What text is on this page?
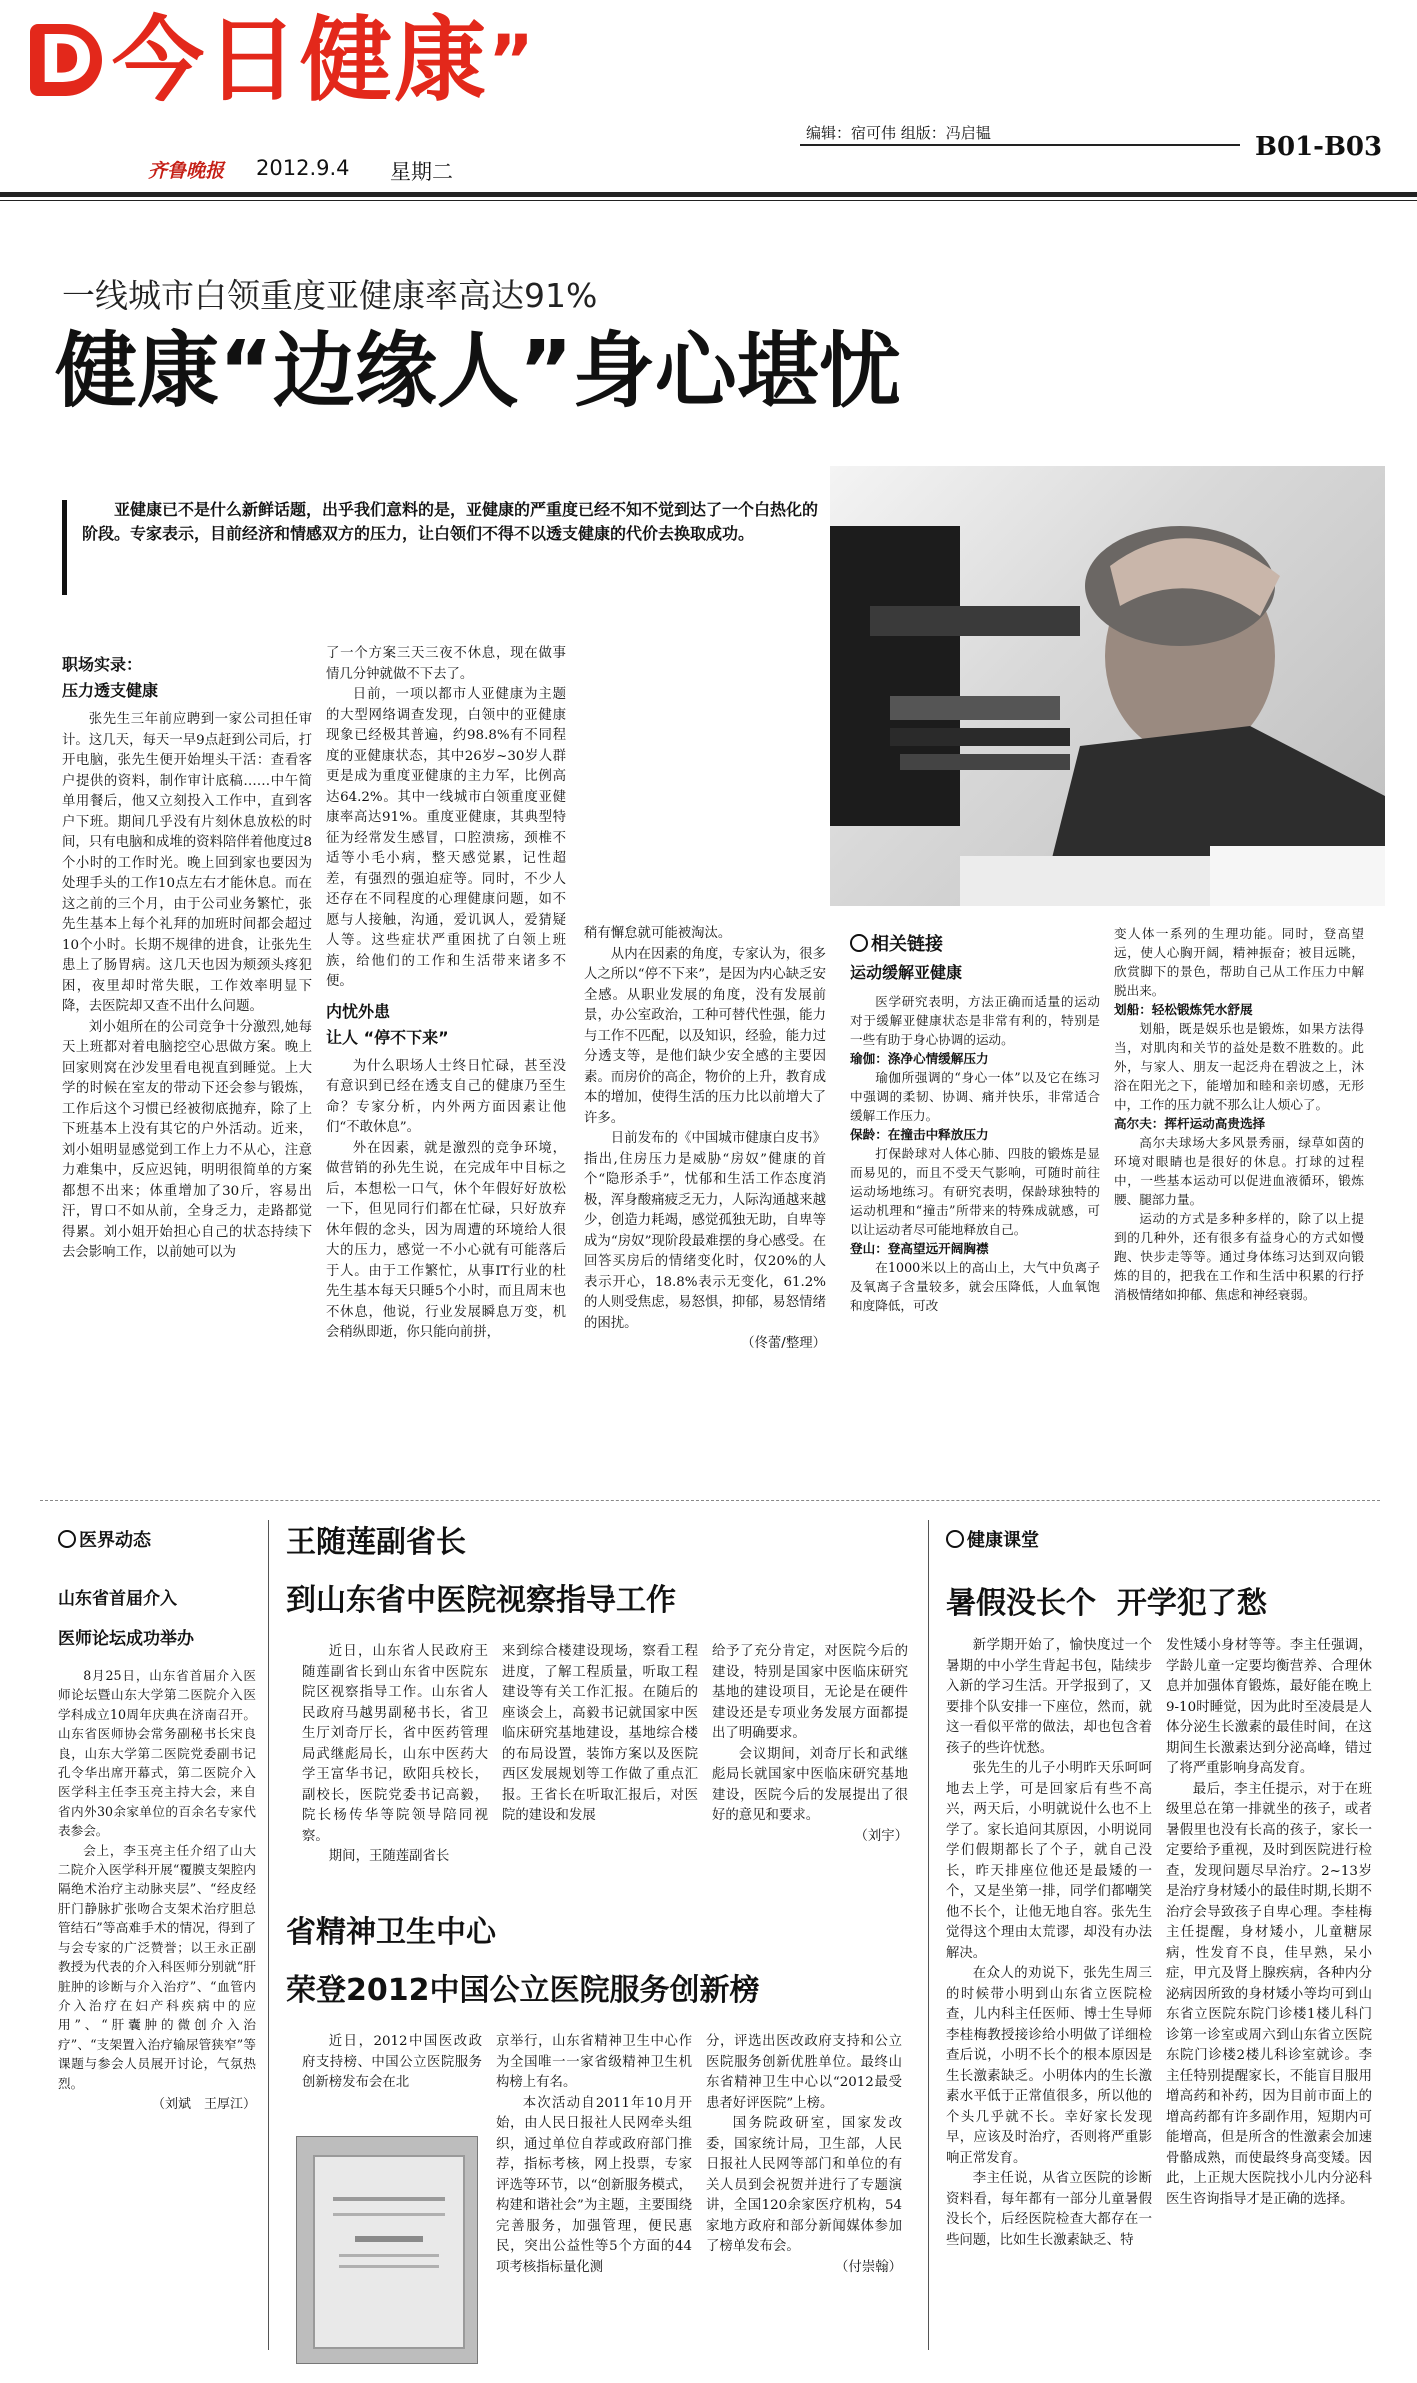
D 今日健康”
编辑：宿可伟 组版：冯启韫
齐鲁晚报 2012.9.4 星期二
B01-B03
一线城市白领重度亚健康率高达91%
健康“边缘人”身心堪忧
亚健康已不是什么新鲜话题，出乎我们意料的是，亚健康的严重度已经不知不觉到达了一个白热化的阶段。专家表示，目前经济和情感双方的压力，让白领们不得不以透支健康的代价去换取成功。
职场实录：
压力透支健康

张先生三年前应聘到一家公司担任审计。这几天，每天一早9点赶到公司后，打开电脑，张先生便开始埋头干活：查看客户提供的资料，制作审计底稿……中午简单用餐后，他又立刻投入工作中，直到客户下班。期间几乎没有片刻休息放松的时间，只有电脑和成堆的资料陪伴着他度过8个小时的工作时光。晚上回到家也要因为处理手头的工作10点左右才能休息。而在这之前的三个月，由于公司业务繁忙，张先生基本上每个礼拜的加班时间都会超过10个小时。长期不规律的进食，让张先生患上了肠胃病。这几天也因为颊颈头疼犯困，夜里却时常失眠，工作效率明显下降，去医院却又查不出什么问题。

刘小姐所在的公司竞争十分激烈,她每天上班都对着电脑挖空心思做方案。晚上回家则窝在沙发里看电视直到睡觉。上大学的时候在室友的带动下还会参与锻炼，工作后这个习惯已经被彻底抛弃，除了上下班基本上没有其它的户外活动。近来，刘小姐明显感觉到工作上力不从心，注意力难集中，反应迟钝，明明很简单的方案都想不出来；体重增加了30斤，容易出汗，胃口不如从前，全身乏力，走路都觉得累。刘小姐开始担心自己的状态持续下去会影响工作，以前她可以为

了一个方案三天三夜不休息，现在做事情几分钟就做不下去了。

日前，一项以都市人亚健康为主题的大型网络调查发现，白领中的亚健康现象已经极其普遍，约98.8%有不同程度的亚健康状态，其中26岁~30岁人群更是成为重度亚健康的主力军，比例高达64.2%。其中一线城市白领重度亚健康率高达91%。重度亚健康，其典型特征为经常发生感冒，口腔溃疡，颈椎不适等小毛小病，整天感觉累，记性超差，有强烈的强迫症等。同时，不少人还存在不同程度的心理健康问题，如不愿与人接触，沟通，爱讥讽人，爱猜疑人等。这些症状严重困扰了白领上班族，给他们的工作和生活带来诸多不便。

内忧外患
让人 “停不下来”

为什么职场人士终日忙碌，甚至没有意识到已经在透支自己的健康乃至生命？专家分析，内外两方面因素让他们“不敢休息”。

外在因素，就是激烈的竞争环境，做营销的孙先生说，在完成年中目标之后，本想松一口气，休个年假好好放松一下，但见同行们都在忙碌，只好放弃休年假的念头，因为周遭的环境给人很大的压力，感觉一不小心就有可能落后于人。由于工作繁忙，从事IT行业的杜先生基本每天只睡5个小时，而且周末也不休息，他说，行业发展瞬息万变，机会稍纵即逝，你只能向前拼，

稍有懈怠就可能被淘汰。

从内在因素的角度，专家认为，很多人之所以“停不下来”，是因为内心缺乏安全感。从职业发展的角度，没有发展前景，办公室政治，工种可替代性强，能力与工作不匹配，以及知识，经验，能力过分透支等，是他们缺少安全感的主要因素。而房价的高企，物价的上升，教育成本的增加，使得生活的压力比以前增大了许多。

日前发布的《中国城市健康白皮书》指出,住房压力是威胁“房奴”健康的首个“隐形杀手”，忧郁和生活工作态度消极，浑身酸痛疲乏无力，人际沟通越来越少，创造力耗竭，感觉孤独无助，自卑等成为“房奴”现阶段最难摆的身心感受。在回答买房后的情绪变化时，仅20%的人表示开心，18.8%表示无变化，61.2%的人则受焦虑，易怒惧，抑郁，易怒情绪的困扰。

（佟蕾/整理）
相关链接
运动缓解亚健康

医学研究表明，方法正确而适量的运动对于缓解亚健康状态是非常有利的，特别是一些有助于身心协调的运动。

瑜伽：涤净心情缓解压力

瑜伽所强调的“身心一体”以及它在练习中强调的柔韧、协调、痛并快乐，非常适合缓解工作压力。

保龄：在撞击中释放压力

打保龄球对人体心肺、四肢的锻炼是显而易见的，而且不受天气影响，可随时前往运动场地练习。有研究表明，保龄球独特的运动机理和“撞击”所带来的特殊成就感，可以让运动者尽可能地释放自己。

登山：登高望远开阔胸襟

在1000米以上的高山上，大气中负离子及氧离子含量较多，就会压降低，人血氧饱和度降低，可改

变人体一系列的生理功能。同时，登高望远，使人心胸开阔，精神振奋；被目远眺，欣赏脚下的景色，帮助自己从工作压力中解脱出来。

划船：轻松锻炼凭水舒展

划船，既是娱乐也是锻炼，如果方法得当，对肌肉和关节的益处是数不胜数的。此外，与家人、朋友一起泛舟在碧波之上，沐浴在阳光之下，能增加和睦和亲切感，无形中，工作的压力就不那么让人烦心了。

高尔夫：挥杆运动高贵选择

高尔夫球场大多风景秀丽，绿草如茵的环境对眼睛也是很好的休息。打球的过程中，一些基本运动可以促进血液循环，锻炼腰、腿部力量。

运动的方式是多种多样的，除了以上提到的几种外，还有很多有益身心的方式如慢跑、快步走等等。通过身体练习达到双向锻炼的目的，把我在工作和生活中积累的行抒消极情绪如抑郁、焦虑和神经衰弱。

医界动态
山东省首届介入
医师论坛成功举办

8月25日，山东省首届介入医师论坛暨山东大学第二医院介入医学科成立10周年庆典在济南召开。山东省医师协会常务副秘书长宋良良，山东大学第二医院党委副书记孔令华出席开幕式，第二医院介入医学科主任李玉亮主持大会，来自省内外30余家单位的百余名专家代表参会。

会上，李玉亮主任介绍了山大二院介入医学科开展“覆膜支架腔内隔绝术治疗主动脉夹层”、“经皮经肝门静脉扩张吻合支架术治疗胆总管结石”等高难手术的情况，得到了与会专家的广泛赞誉；以王永正副教授为代表的介入科医师分别就“肝脏肿的诊断与介入治疗”、“血管内介入治疗在妇产科疾病中的应用”、“肝囊肿的微创介入治疗”、“支架置入治疗输尿管狭窄”等课题与参会人员展开讨论，气氛热烈。

（刘斌　王厚江）
王随莲副省长
到山东省中医院视察指导工作

近日，山东省人民政府王随莲副省长到山东省中医院东院区视察指导工作。山东省人民政府马越男副秘书长，省卫生厅刘奇厅长，省中医药管理局武继彪局长，山东中医药大学王富华书记，欧阳兵校长，副校长，医院党委书记高毅，院长杨传华等院领导陪同视察。

期间，王随莲副省长

来到综合楼建设现场，察看工程进度，了解工程质量，听取工程建设等有关工作汇报。在随后的座谈会上，高毅书记就国家中医临床研究基地建设，基地综合楼的布局设置，装饰方案以及医院西区发展规划等工作做了重点汇报。王省长在听取汇报后，对医院的建设和发展

给予了充分肯定，对医院今后的建设，特别是国家中医临床研究基地的建设项目，无论是在硬件建设还是专项业务发展方面都提出了明确要求。

会议期间，刘奇厅长和武继彪局长就国家中医临床研究基地建设，医院今后的发展提出了很好的意见和要求。

（刘宇）
省精神卫生中心
荣登2012中国公立医院服务创新榜

近日，2012中国医改政府支持榜、中国公立医院服务创新榜发布会在北

京举行，山东省精神卫生中心作为全国唯一一家省级精神卫生机构榜上有名。

本次活动自2011年10月开始，由人民日报社人民网牵头组织，通过单位自荐或政府部门推荐，指标考核，网上投票，专家评选等环节，以“创新服务模式，构建和谐社会”为主题，主要围绕完善服务，加强管理，便民惠民，突出公益性等5个方面的44项考核指标量化测

分，评选出医改政府支持和公立医院服务创新优胜单位。最终山东省精神卫生中心以“2012最受患者好评医院”上榜。

国务院政研室，国家发改委，国家统计局，卫生部，人民日报社人民网等部门和单位的有关人员到会祝贺并进行了专题演讲，全国120余家医疗机构，54家地方政府和部分新闻媒体参加了榜单发布会。

（付崇翰）
健康课堂
暑假没长个  开学犯了愁

新学期开始了，愉快度过一个暑期的中小学生背起书包，陆续步入新的学习生活。开学报到了，又要排个队安排一下座位，然而，就这一看似平常的做法，却也包含着孩子的些许忧愁。

张先生的儿子小明昨天乐呵呵地去上学，可是回家后有些不高兴，两天后，小明就说什么也不上学了。家长追问其原因，小明说同学们假期都长了个子，就自己没长，昨天排座位他还是最矮的一个，又是坐第一排，同学们都嘲笑他不长个，让他无地自容。张先生觉得这个理由太荒谬，却没有办法解决。

在众人的劝说下，张先生周三的时候带小明到山东省立医院检查，儿内科主任医师、博士生导师李桂梅教授接诊给小明做了详细检查后说，小明不长个的根本原因是生长激素缺乏。小明体内的生长激素水平低于正常值很多，所以他的个头几乎就不长。幸好家长发现早，应该及时治疗，否则将严重影响正常发育。

李主任说，从省立医院的诊断资料看，每年都有一部分儿童暑假没长个，后经医院检查大都存在一些问题，比如生长激素缺乏、特

发性矮小身材等等。李主任强调，学龄儿童一定要均衡营养、合理休息并加强体育锻炼，最好能在晚上9-10时睡觉，因为此时至凌晨是人体分泌生长激素的最佳时间，在这期间生长激素达到分泌高峰，错过了将严重影响身高发育。

最后，李主任提示，对于在班级里总在第一排就坐的孩子，或者暑假里也没有长高的孩子，家长一定要给予重视，及时到医院进行检查，发现问题尽早治疗。2~13岁是治疗身材矮小的最佳时期,长期不治疗会导致孩子自卑心理。李桂梅主任提醒，身材矮小，儿童糖尿病，性发育不良，佳早熟，呆小症，甲亢及肾上腺疾病，各种内分泌病因所致的身材矮小等均可到山东省立医院东院门诊楼1楼儿科门诊第一诊室或周六到山东省立医院东院门诊楼2楼儿科诊室就诊。李主任特别提醒家长，不能盲目服用增高药和补药，因为目前市面上的增高药都有许多副作用，短期内可能增高，但是所含的性激素会加速骨骼成熟，而使最终身高变矮。因此，上正规大医院找小儿内分泌科医生咨询指导才是正确的选择。
